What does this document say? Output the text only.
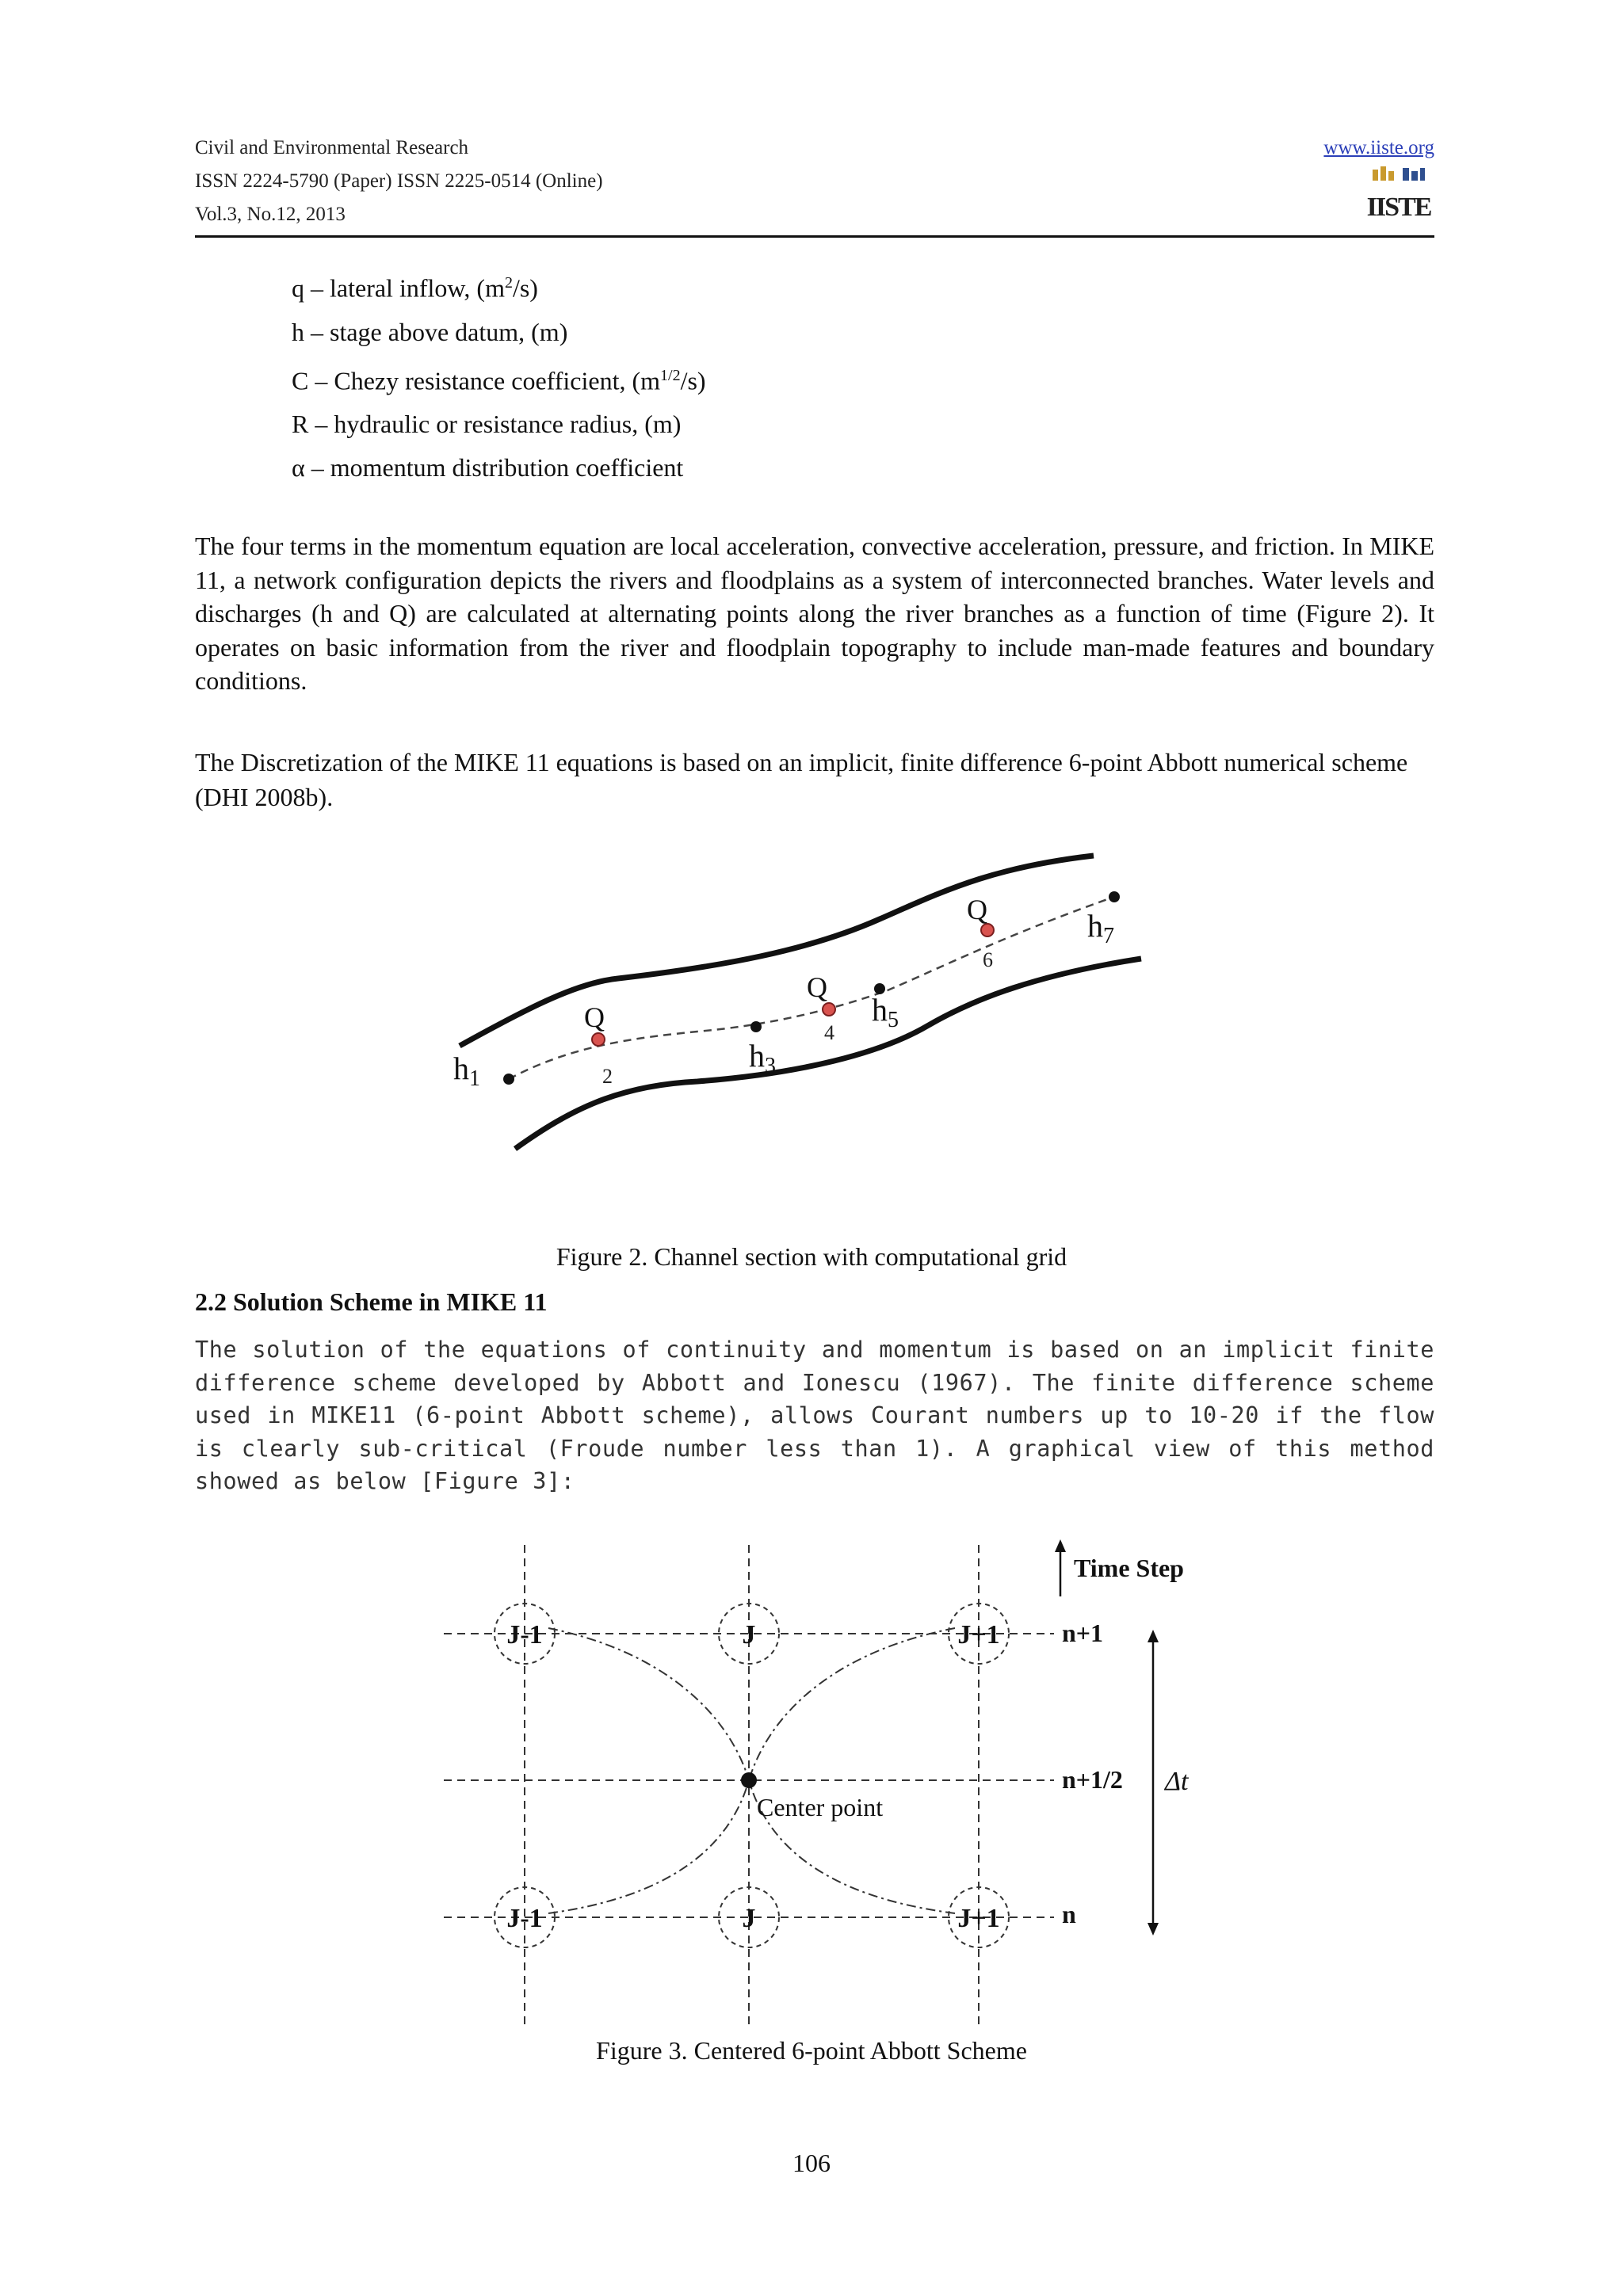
Civil and Environmental Research
ISSN 2224-5790 (Paper) ISSN 2225-0514 (Online)
Vol.3, No.12, 2013
www.iiste.org
IISTE
q – lateral inflow, $(m^2/s)$
h – stage above datum, (m)
C – Chezy resistance coefficient, $(m^{1/2}/s)$
R – hydraulic or resistance radius, (m)
α – momentum distribution coefficient
The four terms in the momentum equation are local acceleration, convective acceleration, pressure, and friction. In MIKE 11, a network configuration depicts the rivers and floodplains as a system of interconnected branches. Water levels and discharges (h and Q) are calculated at alternating points along the river branches as a function of time (Figure 2). It operates on basic information from the river and floodplain topography to include man-made features and boundary conditions.
The Discretization of the MIKE 11 equations is based on an implicit, finite difference 6-point Abbott numerical scheme (DHI 2008b).
$h_1$
Q
2
$h_3$
Q
4
$h_5$
Q
6
$h_7$
Figure 2. Channel section with computational grid
2.2 Solution Scheme in MIKE 11
The solution of the equations of continuity and momentum is based on an implicit finite difference scheme developed by Abbott and Ionescu (1967). The finite difference scheme used in MIKE11 (6-point Abbott scheme), allows Courant numbers up to 10-20 if the flow is clearly sub-critical (Froude number less than 1). A graphical view of this method showed as below [Figure 3]:
J-1	J	J+1
J-1	J	J+1
Center point
n+1
n+1/2
n
Time Step
Δt
Figure 3. Centered 6-point Abbott Scheme
106
